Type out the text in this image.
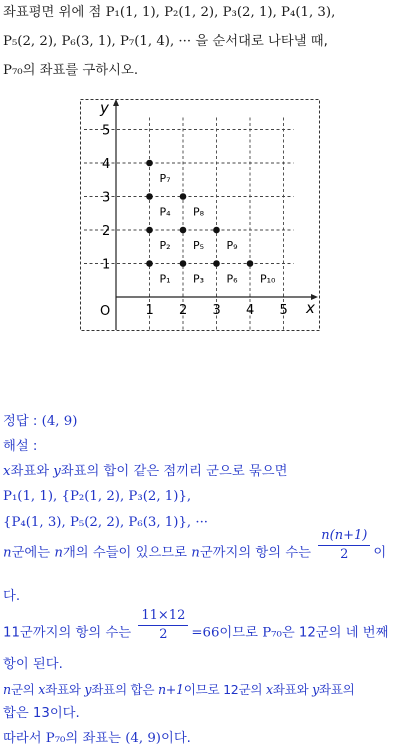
좌표평면 위에 점 P₁(1, 1), P₂(1, 2), P₃(2, 1), P₄(1, 3),
P₅(2, 2), P₆(3, 1), P₇(1, 4), ··· 을 순서대로 나타낼 때,
P₇₀의 좌표를 구하시오.
x
y
O	1 2 3 4 5
1
2
3
4
5
P₁
P₂
P₃
P₄
P₅
P₆
P₇
P₈
P₉
P₁₀
정답 : (4, 9)
해설 :
x좌표와 y좌표의 합이 같은 점끼리 군으로 묶으면
P₁(1, 1), {P₂(1, 2), P₃(2, 1)},
{P₄(1, 3), P₅(2, 2), P₆(3, 1)}, ···
n군에는 n개의 수들이 있으므로 n군까지의 항의 수는 $\frac{n(n+1)}{2}$ 이
다.
11군까지의 항의 수는 $\frac{11\times 12}{2} =66$이므로 P₇₀은 12군의 네 번째
항이 된다.
n군의 x좌표와 y좌표의 합은 n+1이므로 12군의 x좌표와 y좌표의
합은 13이다.
따라서 P₇₀의 좌표는 (4, 9)이다.
